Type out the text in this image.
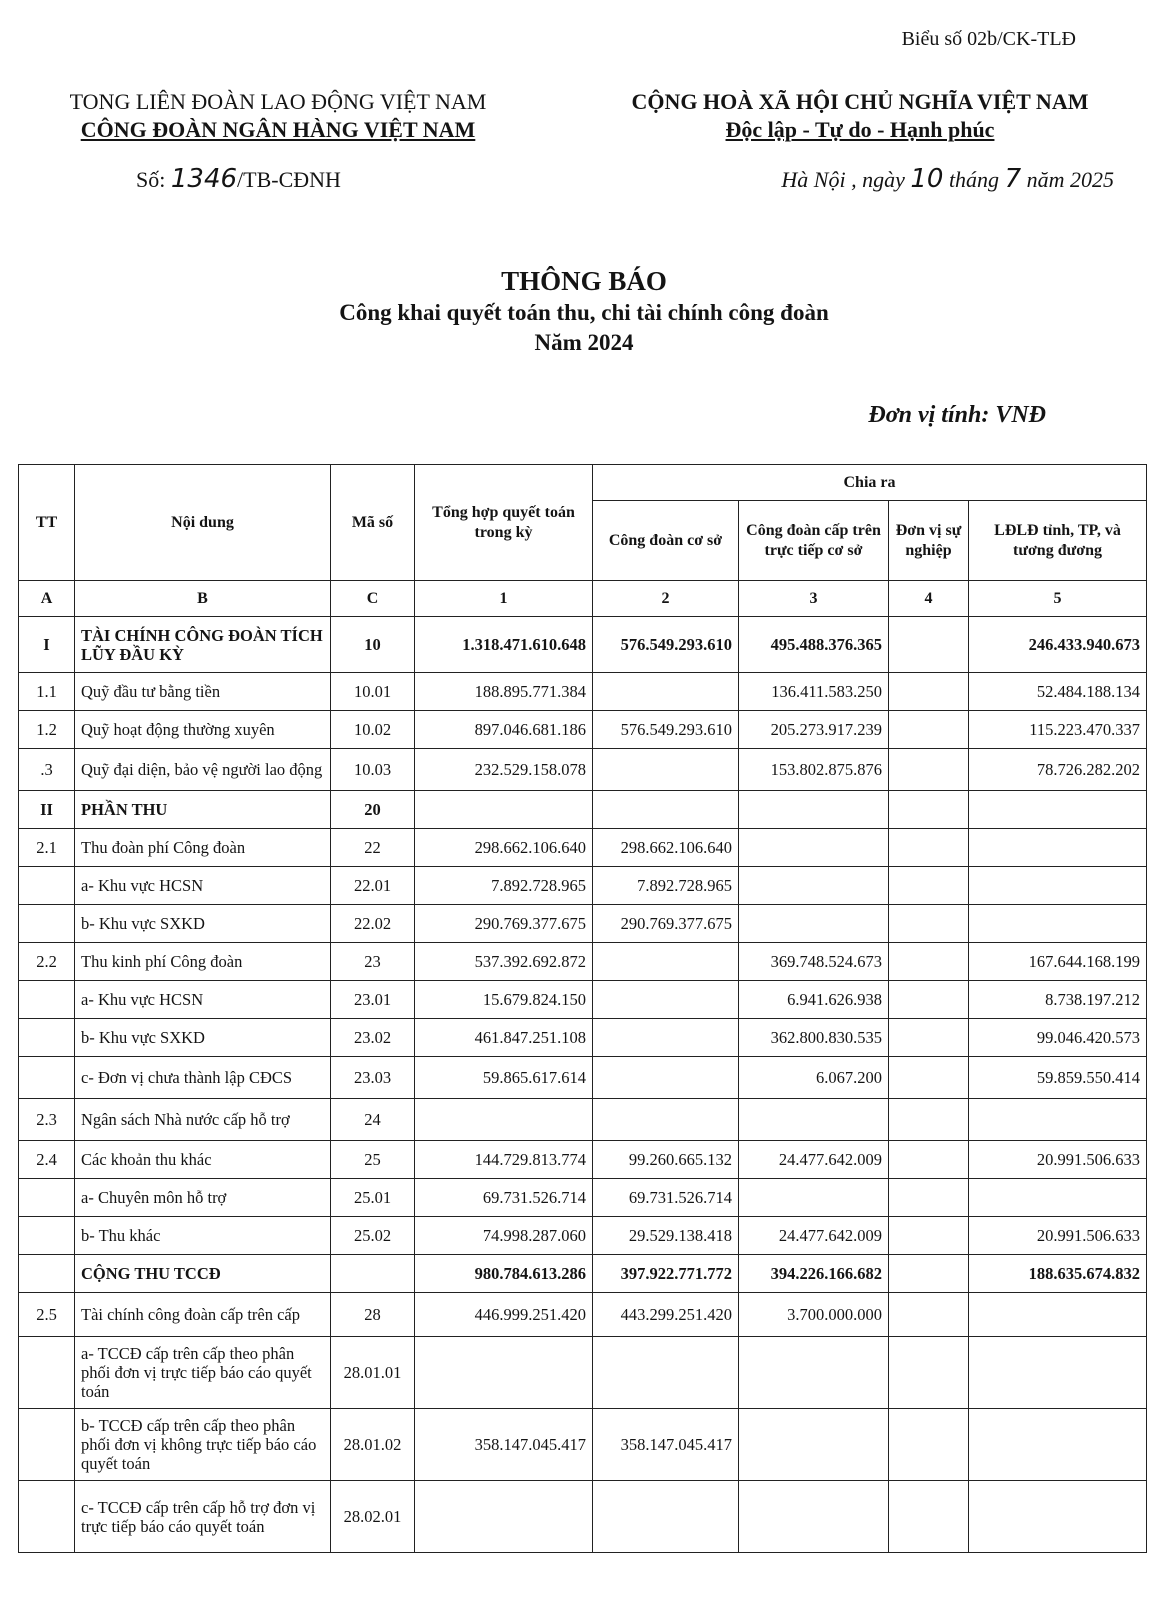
Biểu số 02b/CK-TLĐ
TONG LIÊN ĐOÀN LAO ĐỘNG VIỆT NAM
CÔNG ĐOÀN NGÂN HÀNG VIỆT NAM
CỘNG HOÀ XÃ HỘI CHỦ NGHĨA VIỆT NAM
Độc lập - Tự do - Hạnh phúc
Số: 1346/TB-CĐNH	Hà Nội , ngày 10 tháng 7 năm 2025
THÔNG BÁO
Công khai quyết toán thu, chi tài chính công đoàn
Năm 2024
Đơn vị tính: VNĐ
TT	Nội dung	Mã số	Tổng hợp quyết toán trong kỳ	Chia ra			
				Công đoàn cơ sở	Công đoàn cấp trên trực tiếp cơ sở	Đơn vị sự nghiệp	LĐLĐ tỉnh, TP, và tương đương
A	B	C	1	2	3	4	5
I	TÀI CHÍNH CÔNG ĐOÀN TÍCH LŨY ĐẦU KỲ	10	1.318.471.610.648	576.549.293.610	495.488.376.365		246.433.940.673
1.1	Quỹ đầu tư bằng tiền	10.01	188.895.771.384		136.411.583.250		52.484.188.134
1.2	Quỹ hoạt động thường xuyên	10.02	897.046.681.186	576.549.293.610	205.273.917.239		115.223.470.337
.3	Quỹ đại diện, bảo vệ người lao động	10.03	232.529.158.078		153.802.875.876		78.726.282.202
II	PHẦN THU	20					
2.1	Thu đoàn phí Công đoàn	22	298.662.106.640	298.662.106.640			
	a- Khu vực HCSN	22.01	7.892.728.965	7.892.728.965			
	b- Khu vực SXKD	22.02	290.769.377.675	290.769.377.675			
2.2	Thu kinh phí Công đoàn	23	537.392.692.872		369.748.524.673		167.644.168.199
	a- Khu vực HCSN	23.01	15.679.824.150		6.941.626.938		8.738.197.212
	b- Khu vực SXKD	23.02	461.847.251.108		362.800.830.535		99.046.420.573
	c- Đơn vị chưa thành lập CĐCS	23.03	59.865.617.614		6.067.200		59.859.550.414
2.3	Ngân sách Nhà nước cấp hỗ trợ	24					
2.4	Các khoản thu khác	25	144.729.813.774	99.260.665.132	24.477.642.009		20.991.506.633
	a- Chuyên môn hỗ trợ	25.01	69.731.526.714	69.731.526.714			
	b- Thu khác	25.02	74.998.287.060	29.529.138.418	24.477.642.009		20.991.506.633
	CỘNG THU TCCĐ		980.784.613.286	397.922.771.772	394.226.166.682		188.635.674.832
2.5	Tài chính công đoàn cấp trên cấp	28	446.999.251.420	443.299.251.420	3.700.000.000		
	a- TCCĐ cấp trên cấp theo phân phối đơn vị trực tiếp báo cáo quyết toán	28.01.01					
	b- TCCĐ cấp trên cấp theo phân phối đơn vị không trực tiếp báo cáo quyết toán	28.01.02	358.147.045.417	358.147.045.417			
	c- TCCĐ cấp trên cấp hỗ trợ đơn vị trực tiếp báo cáo quyết toán	28.02.01					
